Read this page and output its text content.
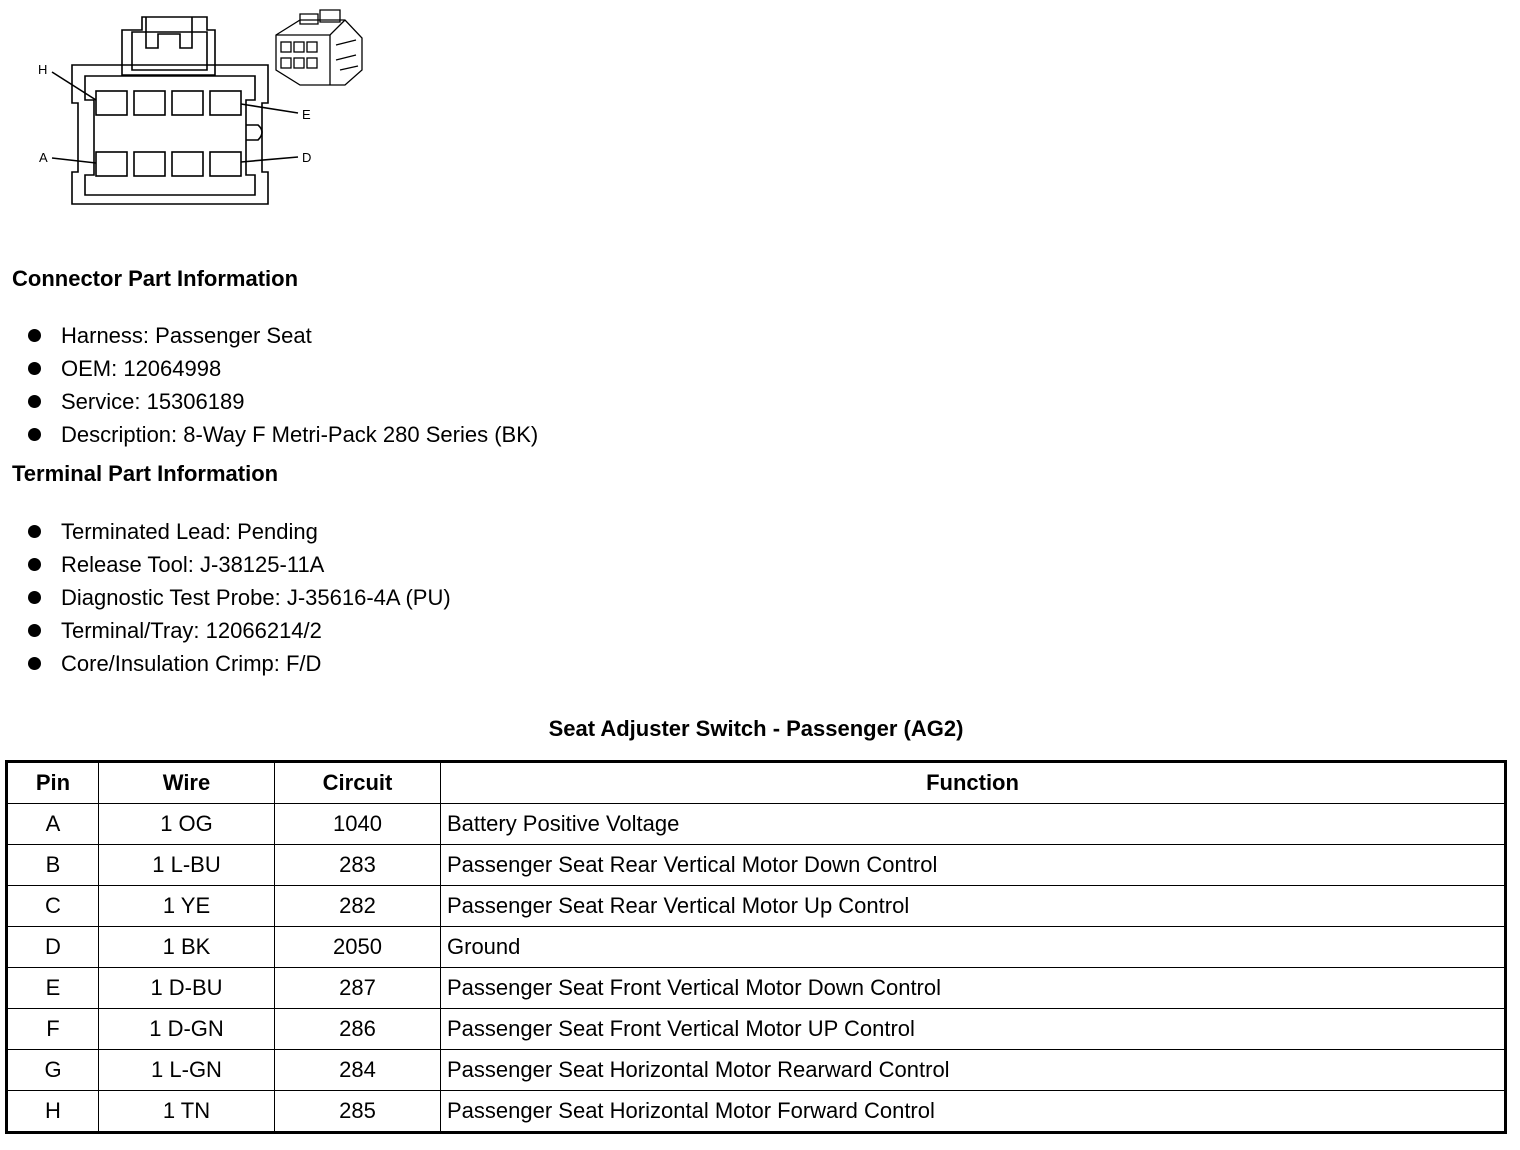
H
E
A	D
Connector Part Information
Harness: Passenger Seat
OEM: 12064998
Service: 15306189
Description: 8-Way F Metri-Pack 280 Series (BK)
Terminal Part Information
Terminated Lead: Pending
Release Tool: J-38125-11A
Diagnostic Test Probe: J-35616-4A (PU)
Terminal/Tray: 12066214/2
Core/Insulation Crimp: F/D
Seat Adjuster Switch - Passenger (AG2)
Pin	Wire	Circuit	Function
A	1 OG	1040	Battery Positive Voltage
B	1 L-BU	283	Passenger Seat Rear Vertical Motor Down Control
C	1 YE	282	Passenger Seat Rear Vertical Motor Up Control
D	1 BK	2050	Ground
E	1 D-BU	287	Passenger Seat Front Vertical Motor Down Control
F	1 D-GN	286	Passenger Seat Front Vertical Motor UP Control
G	1 L-GN	284	Passenger Seat Horizontal Motor Rearward Control
H	1 TN	285	Passenger Seat Horizontal Motor Forward Control
